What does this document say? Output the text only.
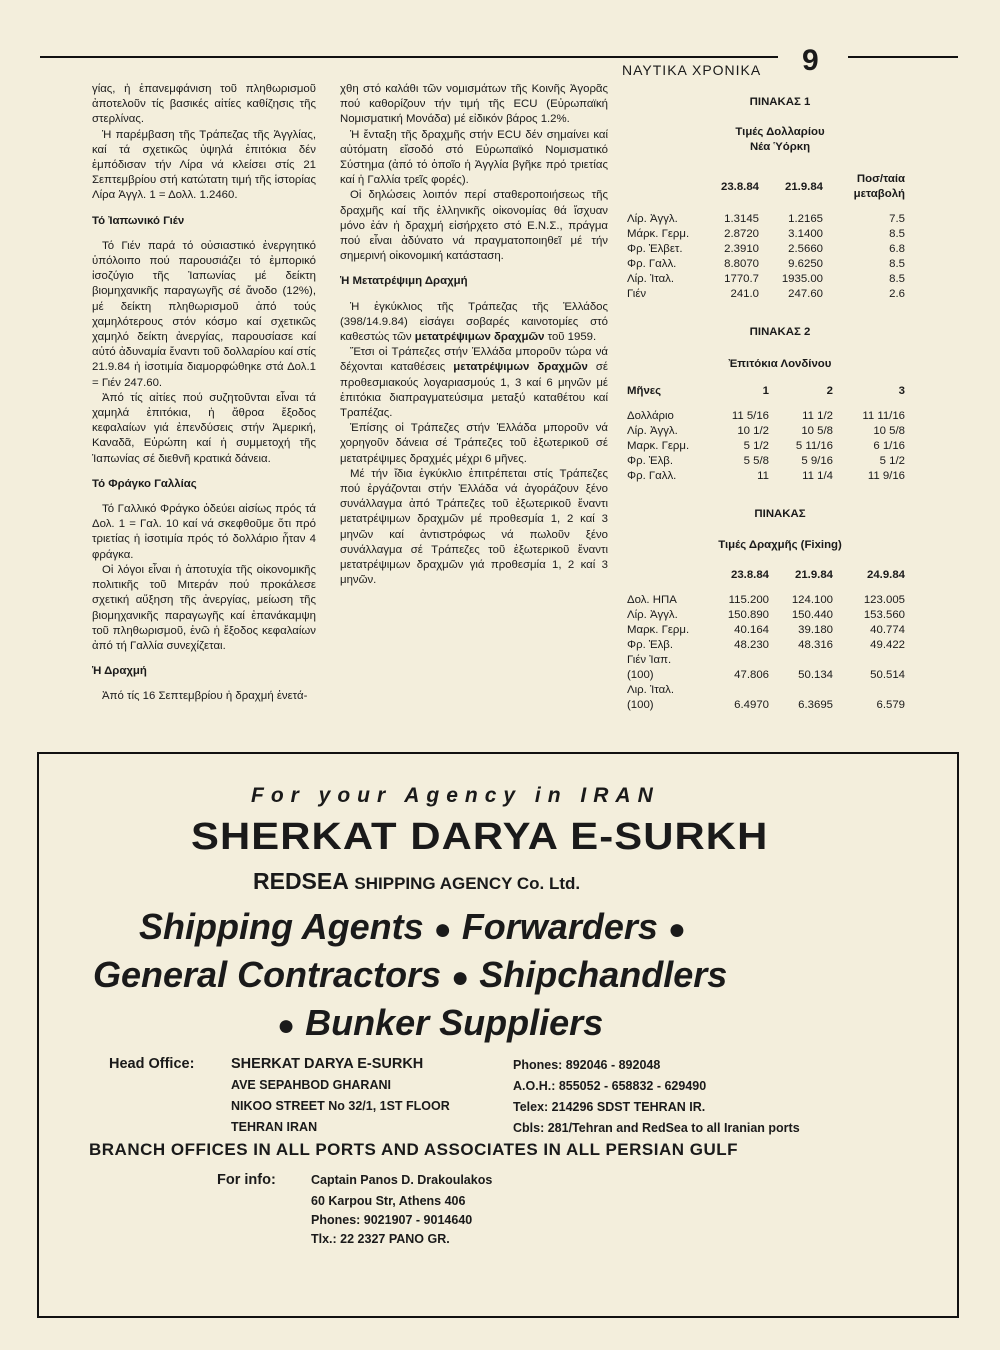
ΝΑΥΤΙΚΑ ΧΡΟΝΙΚΑ 9

γίας, ἡ ἐπανεμφάνιση τοῦ πληθωρισμοῦ ἀποτελοῦν τίς βασικές αἰτίες καθίζησις τῆς στερλίνας.

Ἡ παρέμβαση τῆς Τράπεζας τῆς Ἀγγλίας, καί τά σχετικῶς ὑψηλά ἐπιτόκια δέν ἐμπόδισαν τήν Λίρα νά κλείσει στίς 21 Σεπτεμβρίου στή κατώτατη τιμή τῆς ἱστορίας Λίρα Ἀγγλ. 1 = Δολλ. 1.2460.

Τό Ἰαπωνικό Γιέν

Τό Γιέν παρά τό οὐσιαστικό ἐνεργητικό ὑπόλοιπο πού παρουσιάζει τό ἐμπορικό ἰσοζύγιο τῆς Ἰαπωνίας μέ δείκτη βιομηχανικῆς παραγωγῆς σέ ἄνοδο (12%), μέ δείκτη πληθωρισμοῦ ἀπό τούς χαμηλότερους στόν κόσμο καί σχετικῶς χαμηλό δείκτη ἀνεργίας, παρουσίασε καί αὐτό ἀδυναμία ἔναντι τοῦ δολλαρίου καί στίς 21.9.84 ἡ ἰσοτιμία διαμορφώθηκε στά Δολ.1 = Γιέν 247.60.

Ἀπό τίς αἰτίες πού συζητοῦνται εἶναι τά χαμηλά ἐπιτόκια, ἡ ἄθροα ἔξοδος κεφαλαίων γιά ἐπενδύσεις στήν Ἀμερική, Καναδᾶ, Εὐρώπη καί ἡ συμμετοχή τῆς Ἰαπωνίας σέ διεθνῆ κρατικά δάνεια.

Τό Φράγκο Γαλλίας

Τό Γαλλικό Φράγκο ὀδεύει αἰσίως πρός τά Δολ. 1 = Γαλ. 10 καί νά σκεφθοῦμε ὅτι πρό τριετίας ἡ ἰσοτιμία πρός τό δολλάριο ἦταν 4 φράγκα.

Οἱ λόγοι εἶναι ἡ ἀποτυχία τῆς οἰκονομικῆς πολιτικῆς τοῦ Μιτεράν πού προκάλεσε σχετική αὔξηση τῆς ἀνεργίας, μείωση τῆς βιομηχανικῆς παραγωγῆς καί ἐπανάκαμψη τοῦ πληθωρισμοῦ, ἐνῶ ἡ ἔξοδος κεφαλαίων ἀπό τή Γαλλία συνεχίζεται.

Ἡ Δραχμή

Ἀπό τίς 16 Σεπτεμβρίου ἡ δραχμή ἐνετά-

χθη στό καλάθι τῶν νομισμάτων τῆς Κοινῆς Ἀγορᾶς πού καθορίζουν τήν τιμή τῆς ECU (Εὐρωπαϊκή Νομισματική Μονάδα) μέ εἰδικόν βάρος 1.2%.

Ἡ ἔνταξη τῆς δραχμῆς στήν ECU δέν σημαίνει καί αὐτόματη εἴσοδό στό Εὐρωπαϊκό Νομισματικό Σύστημα (ἀπό τό ὁποῖο ἡ Ἀγγλία βγῆκε πρό τριετίας καί ἡ Γαλλία τρεῖς φορές).

Οἱ δηλώσεις λοιπόν περί σταθεροποιήσεως τῆς δραχμῆς καί τῆς ἑλληνικῆς οἰκονομίας θά ἴσχυαν μόνο ἐάν ἡ δραχμή εἰσήρχετο στό Ε.Ν.Σ., πράγμα πού εἶναι ἀδύνατο νά πραγματοποιηθεῖ μέ τήν σημερινή οἰκονομική κατάσταση.

Ἡ Μετατρέψιμη Δραχμή

Ἡ ἐγκύκλιος τῆς Τράπεζας τῆς Ἑλλάδος (398/14.9.84) εἰσάγει σοβαρές καινοτομίες στό καθεστώς τῶν μετατρέψιμων δραχμῶν τοῦ 1959.

Ἔτσι οἱ Τράπεζες στήν Ἑλλάδα μποροῦν τώρα νά δέχονται καταθέσεις μετατρέψιμων δραχμῶν σέ προθεσμιακούς λογαριασμούς 1, 3 καί 6 μηνῶν μέ ἐπιτόκια διαπραγματεύσιμα μεταξύ καταθέτου καί Τραπέζας.

Ἐπίσης οἱ Τράπεζες στήν Ἑλλάδα μποροῦν νά χορηγοῦν δάνεια σέ Τράπεζες τοῦ ἐξωτερικοῦ σέ μετατρέψιμες δραχμές μέχρι 6 μῆνες.

Μέ τήν ἴδια ἐγκύκλιο ἐπιτρέπεται στίς Τράπεζες πού ἐργάζονται στήν Ἑλλάδα νά ἀγοράζουν ξένο συνάλλαγμα ἀπό Τράπεζες τοῦ ἐξωτερικοῦ ἔναντι μετατρέψιμων δραχμῶν μέ προθεσμία 1, 2 καί 3 μηνῶν καί ἀντιστρόφως νά πωλοῦν ξένο συνάλλαγμα σέ Τράπεζες τοῦ ἐξωτερικοῦ ἔναντι μετατρέψιμων δραχμῶν γιά προθεσμία 1, 2 καί 3 μηνῶν.

ΠΙΝΑΚΑΣ 1
Τιμές Δολλαρίου
Νέα Ὑόρκη
	23.8.84	21.9.84	Ποσ/ταία
μεταβολή
Λίρ. Ἀγγλ.	1.3145	1.2165	7.5
Μάρκ. Γερμ.	2.8720	3.1400	8.5
Φρ. Ἑλβετ.	2.3910	2.5660	6.8
Φρ. Γαλλ.	8.8070	9.6250	8.5
Λίρ. Ἰταλ.	1770.7	1935.00	8.5
Γιέν	241.0	247.60	2.6
ΠΙΝΑΚΑΣ 2
Ἐπιτόκια Λονδίνου
Μῆνες	1	2	3
Δολλάριο	11 5/16	11 1/2	11 11/16
Λίρ. Ἀγγλ.	10 1/2	10 5/8	10 5/8
Μαρκ. Γερμ.	5 1/2	5 11/16	6 1/16
Φρ. Ἑλβ.	5 5/8	5 9/16	5 1/2
Φρ. Γαλλ.	11	11 1/4	11 9/16
ΠΙΝΑΚΑΣ
Τιμές Δραχμῆς (Fixing)
	23.8.84	21.9.84	24.9.84
Δολ. ΗΠΑ	115.200	124.100	123.005
Λίρ. Ἀγγλ.	150.890	150.440	153.560
Μαρκ. Γερμ.	40.164	39.180	40.774
Φρ. Ἑλβ.	48.230	48.316	49.422
Γιέν Ἰαπ.			
(100)	47.806	50.134	50.514
Λιρ. Ἰταλ.			
(100)	6.4970	6.3695	6.579
For your Agency in IRAN
SHERKAT DARYA E-SURKH
REDSEA SHIPPING AGENCY Co. Ltd.
Shipping Agents ● Forwarders ●
General Contractors ● Shipchandlers
● Bunker Suppliers
Head Office:	SHERKAT DARYA E-SURKH
AVE SEPAHBOD GHARANI
NIKOO STREET No 32/1, 1ST FLOOR
TEHRAN IRAN
Phones: 892046 - 892048
A.O.H.: 855052 - 658832 - 629490
Telex: 214296 SDST TEHRAN IR.
Cbls: 281/Tehran and RedSea to all Iranian ports
BRANCH OFFICES IN ALL PORTS AND ASSOCIATES IN ALL PERSIAN GULF
For info:	Captain Panos D. Drakoulakos
60 Karpou Str, Athens 406
Phones: 9021907 - 9014640
Tlx.: 22 2327 PANO GR.
